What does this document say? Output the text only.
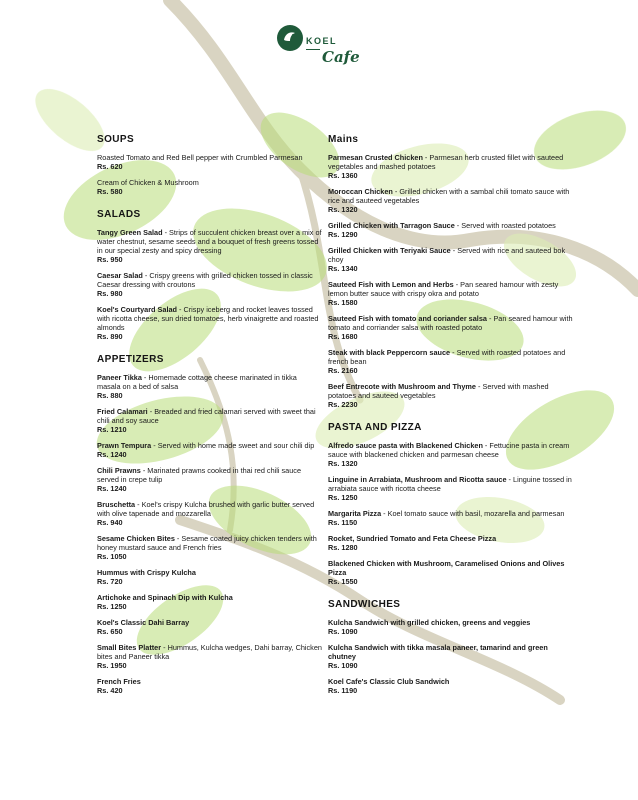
KOEL
Cafe
SOUPS
Roasted Tomato and Red Bell pepper with Crumbled Parmesan
Rs. 620
Cream of Chicken & Mushroom
Rs. 580
SALADS
Tangy Green Salad - Strips of succulent chicken breast over a mix of water chestnut, sesame seeds and a bouquet of fresh greens tossed in our special zesty and spicy dressing
Rs. 950
Caesar Salad - Crispy greens with grilled chicken tossed in classic Caesar dressing with croutons
Rs. 980
Koel's Courtyard Salad - Crispy iceberg and rocket leaves tossed with ricotta cheese, sun dried tomatoes, herb vinaigrette and roasted almonds
Rs. 890
APPETIZERS
Paneer Tikka - Homemade cottage cheese marinated in tikka masala on a bed of salsa
Rs. 880
Fried Calamari - Breaded and fried calamari served with sweet thai chili and soy sauce
Rs. 1210
Prawn Tempura - Served with home made sweet and sour chili dip
Rs. 1240
Chili Prawns - Marinated prawns cooked in thai red chili sauce served in crepe tulip
Rs. 1240
Bruschetta - Koel's crispy Kulcha brushed with garlic butter served with olive tapenade and mozzarella
Rs. 940
Sesame Chicken Bites - Sesame coated juicy chicken tenders with honey mustard sauce and French fries
Rs. 1050
Hummus with Crispy Kulcha
Rs. 720
Artichoke and Spinach Dip with Kulcha
Rs. 1250
Koel's Classic Dahi Barray
Rs. 650
Small Bites Platter - Hummus, Kulcha wedges, Dahi barray, Chicken bites and Paneer tikka
Rs. 1950
French Fries
Rs. 420
Mains
Parmesan Crusted Chicken - Parmesan herb crusted fillet with sauteed vegetables and mashed potatoes
Rs. 1360
Moroccan Chicken - Grilled chicken with a sambal chili tomato sauce with rice and sauteed vegetables
Rs. 1320
Grilled Chicken with Tarragon Sauce - Served with roasted potatoes
Rs. 1290
Grilled Chicken with Teriyaki Sauce - Served with rice and sauteed bok choy
Rs. 1340
Sauteed Fish with Lemon and Herbs - Pan seared hamour with zesty lemon butter sauce with crispy okra and potato
Rs. 1580
Sauteed Fish with tomato and coriander salsa - Pan seared hamour with tomato and corriander salsa with roasted potato
Rs. 1680
Steak with black Peppercorn sauce - Served with roasted potatoes and french bean
Rs. 2160
Beef Entrecote with Mushroom and Thyme - Served with mashed potatoes and sauteed vegetables
Rs. 2230
PASTA AND PIZZA
Alfredo sauce pasta with Blackened Chicken - Fettucine pasta in cream sauce with blackened chicken and parmesan cheese
Rs. 1320
Linguine in Arrabiata, Mushroom and Ricotta sauce - Linguine tossed in arrabiata sauce with ricotta cheese
Rs. 1250
Margarita Pizza - Koel tomato sauce with basil, mozarella and parmesan
Rs. 1150
Rocket, Sundried Tomato and Feta Cheese Pizza
Rs. 1280
Blackened Chicken with Mushroom, Caramelised Onions and Olives Pizza
Rs. 1550
SANDWICHES
Kulcha Sandwich with grilled chicken, greens and veggies
Rs. 1090
Kulcha Sandwich with tikka masala paneer, tamarind and green chutney
Rs. 1090
Koel Cafe's Classic Club Sandwich
Rs. 1190
